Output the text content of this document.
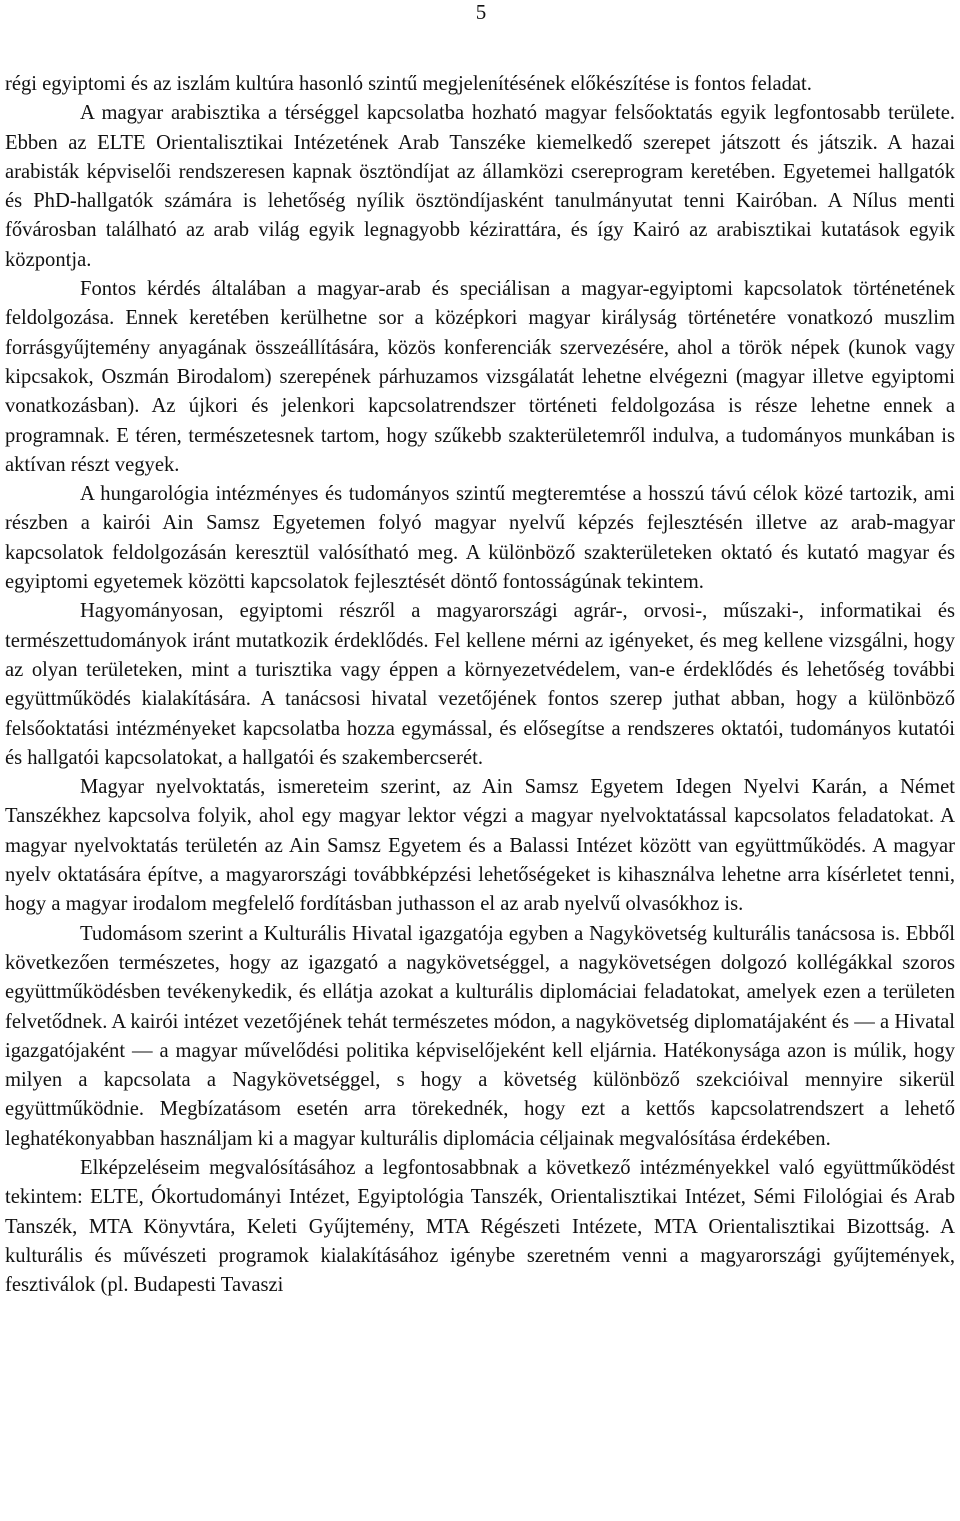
5

régi egyiptomi és az iszlám kultúra hasonló szintű megjelenítésének előkészítése is fontos feladat.

A magyar arabisztika a térséggel kapcsolatba hozható magyar felsőoktatás egyik legfontosabb területe. Ebben az ELTE Orientalisztikai Intézetének Arab Tanszéke kiemelkedő szerepet játszott és játszik. A hazai arabisták képviselői rendszeresen kapnak ösztöndíjat az államközi csereprogram keretében. Egyetemei hallgatók és PhD-hallgatók számára is lehetőség nyílik ösztöndíjasként tanulmányutat tenni Kairóban. A Nílus menti fővárosban található az arab világ egyik legnagyobb kézirattára, és így Kairó az arabisztikai kutatások egyik központja.

Fontos kérdés általában a magyar-arab és speciálisan a magyar-egyiptomi kapcsolatok történetének feldolgozása. Ennek keretében kerülhetne sor a középkori magyar királyság történetére vonatkozó muszlim forrásgyűjtemény anyagának összeállítására, közös konferenciák szervezésére, ahol a török népek (kunok vagy kipcsakok, Oszmán Birodalom) szerepének párhuzamos vizsgálatát lehetne elvégezni (magyar illetve egyiptomi vonatkozásban). Az újkori és jelenkori kapcsolatrendszer történeti feldolgozása is része lehetne ennek a programnak. E téren, természetesnek tartom, hogy szűkebb szakterületemről indulva, a tudományos munkában is aktívan részt vegyek.

A hungarológia intézményes és tudományos szintű megteremtése a hosszú távú célok közé tartozik, ami részben a kairói Ain Samsz Egyetemen folyó magyar nyelvű képzés fejlesztésén illetve az arab-magyar kapcsolatok feldolgozásán keresztül valósítható meg. A különböző szakterületeken oktató és kutató magyar és egyiptomi egyetemek közötti kapcsolatok fejlesztését döntő fontosságúnak tekintem.

Hagyományosan, egyiptomi részről a magyarországi agrár-, orvosi-, műszaki-, informatikai és természettudományok iránt mutatkozik érdeklődés. Fel kellene mérni az igényeket, és meg kellene vizsgálni, hogy az olyan területeken, mint a turisztika vagy éppen a környezetvédelem, van-e érdeklődés és lehetőség további együttműködés kialakítására. A tanácsosi hivatal vezetőjének fontos szerep juthat abban, hogy a különböző felsőoktatási intézményeket kapcsolatba hozza egymással, és elősegítse a rendszeres oktatói, tudományos kutatói és hallgatói kapcsolatokat, a hallgatói és szakembercserét.

Magyar nyelvoktatás, ismereteim szerint, az Ain Samsz Egyetem Idegen Nyelvi Karán, a Német Tanszékhez kapcsolva folyik, ahol egy magyar lektor végzi a magyar nyelvoktatással kapcsolatos feladatokat. A magyar nyelvoktatás területén az Ain Samsz Egyetem és a Balassi Intézet között van együttműködés. A magyar nyelv oktatására építve, a magyarországi továbbképzési lehetőségeket is kihasználva lehetne arra kísérletet tenni, hogy a magyar irodalom megfelelő fordításban juthasson el az arab nyelvű olvasókhoz is.

Tudomásom szerint a Kulturális Hivatal igazgatója egyben a Nagykövetség kulturális tanácsosa is. Ebből következően természetes, hogy az igazgató a nagykövetséggel, a nagykövetségen dolgozó kollégákkal szoros együttműködésben tevékenykedik, és ellátja azokat a kulturális diplomáciai feladatokat, amelyek ezen a területen felvetődnek. A kairói intézet vezetőjének tehát természetes módon, a nagykövetség diplomatájaként és — a Hivatal igazgatójaként — a magyar művelődési politika képviselőjeként kell eljárnia. Hatékonysága azon is múlik, hogy milyen a kapcsolata a Nagykövetséggel, s hogy a követség különböző szekcióival mennyire sikerül együttműködnie. Megbízatásom esetén arra törekednék, hogy ezt a kettős kapcsolatrendszert a lehető leghatékonyabban használjam ki a magyar kulturális diplomácia céljainak megvalósítása érdekében.

Elképzeléseim megvalósításához a legfontosabbnak a következő intézményekkel való együttműködést tekintem: ELTE, Ókortudományi Intézet, Egyiptológia Tanszék, Orientalisztikai Intézet, Sémi Filológiai és Arab Tanszék, MTA Könyvtára, Keleti Gyűjtemény, MTA Régészeti Intézete, MTA Orientalisztikai Bizottság. A kulturális és művészeti programok kialakításához igénybe szeretném venni a magyarországi gyűjtemények, fesztiválok (pl. Budapesti Tavaszi
